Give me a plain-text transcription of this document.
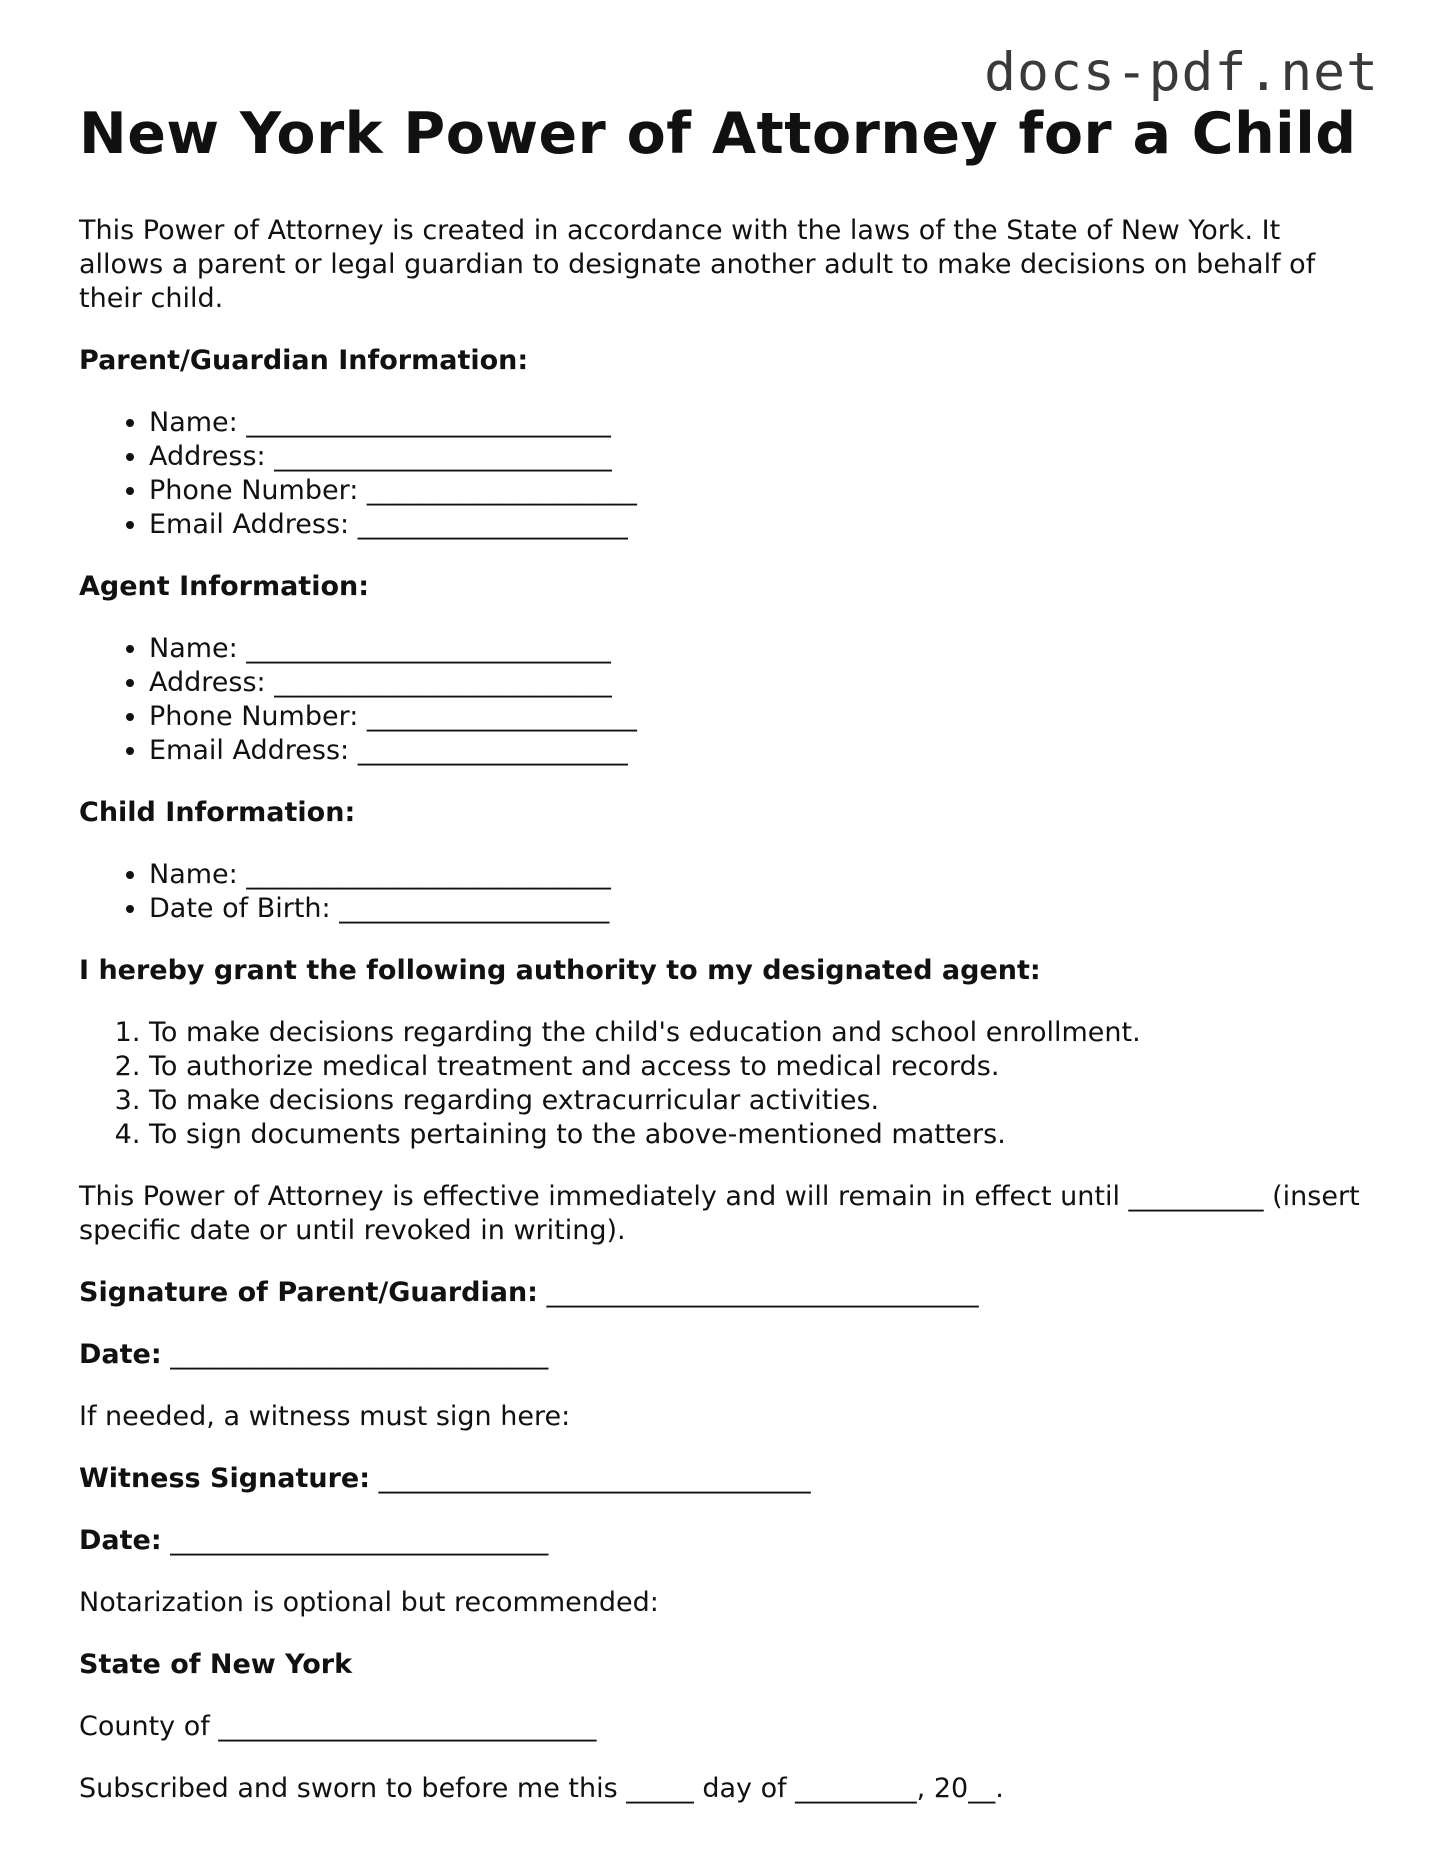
docs-pdf.net
New York Power of Attorney for a Child

This Power of Attorney is created in accordance with the laws of the State of New York. It allows a parent or legal guardian to designate another adult to make decisions on behalf of their child.

Parent/Guardian Information:

• Name: ___________________________
• Address: _________________________
• Phone Number: ____________________
• Email Address: ____________________

Agent Information:

• Name: ___________________________
• Address: _________________________
• Phone Number: ____________________
• Email Address: ____________________

Child Information:

• Name: ___________________________
• Date of Birth: ____________________

I hereby grant the following authority to my designated agent:

1. To make decisions regarding the child's education and school enrollment.
2. To authorize medical treatment and access to medical records.
3. To make decisions regarding extracurricular activities.
4. To sign documents pertaining to the above-mentioned matters.

This Power of Attorney is effective immediately and will remain in effect until __________ (insert specific date or until revoked in writing).

Signature of Parent/Guardian: ________________________________

Date: ____________________________

If needed, a witness must sign here:

Witness Signature: ________________________________

Date: ____________________________

Notarization is optional but recommended:

State of New York

County of ____________________________

Subscribed and sworn to before me this _____ day of _________, 20__.
